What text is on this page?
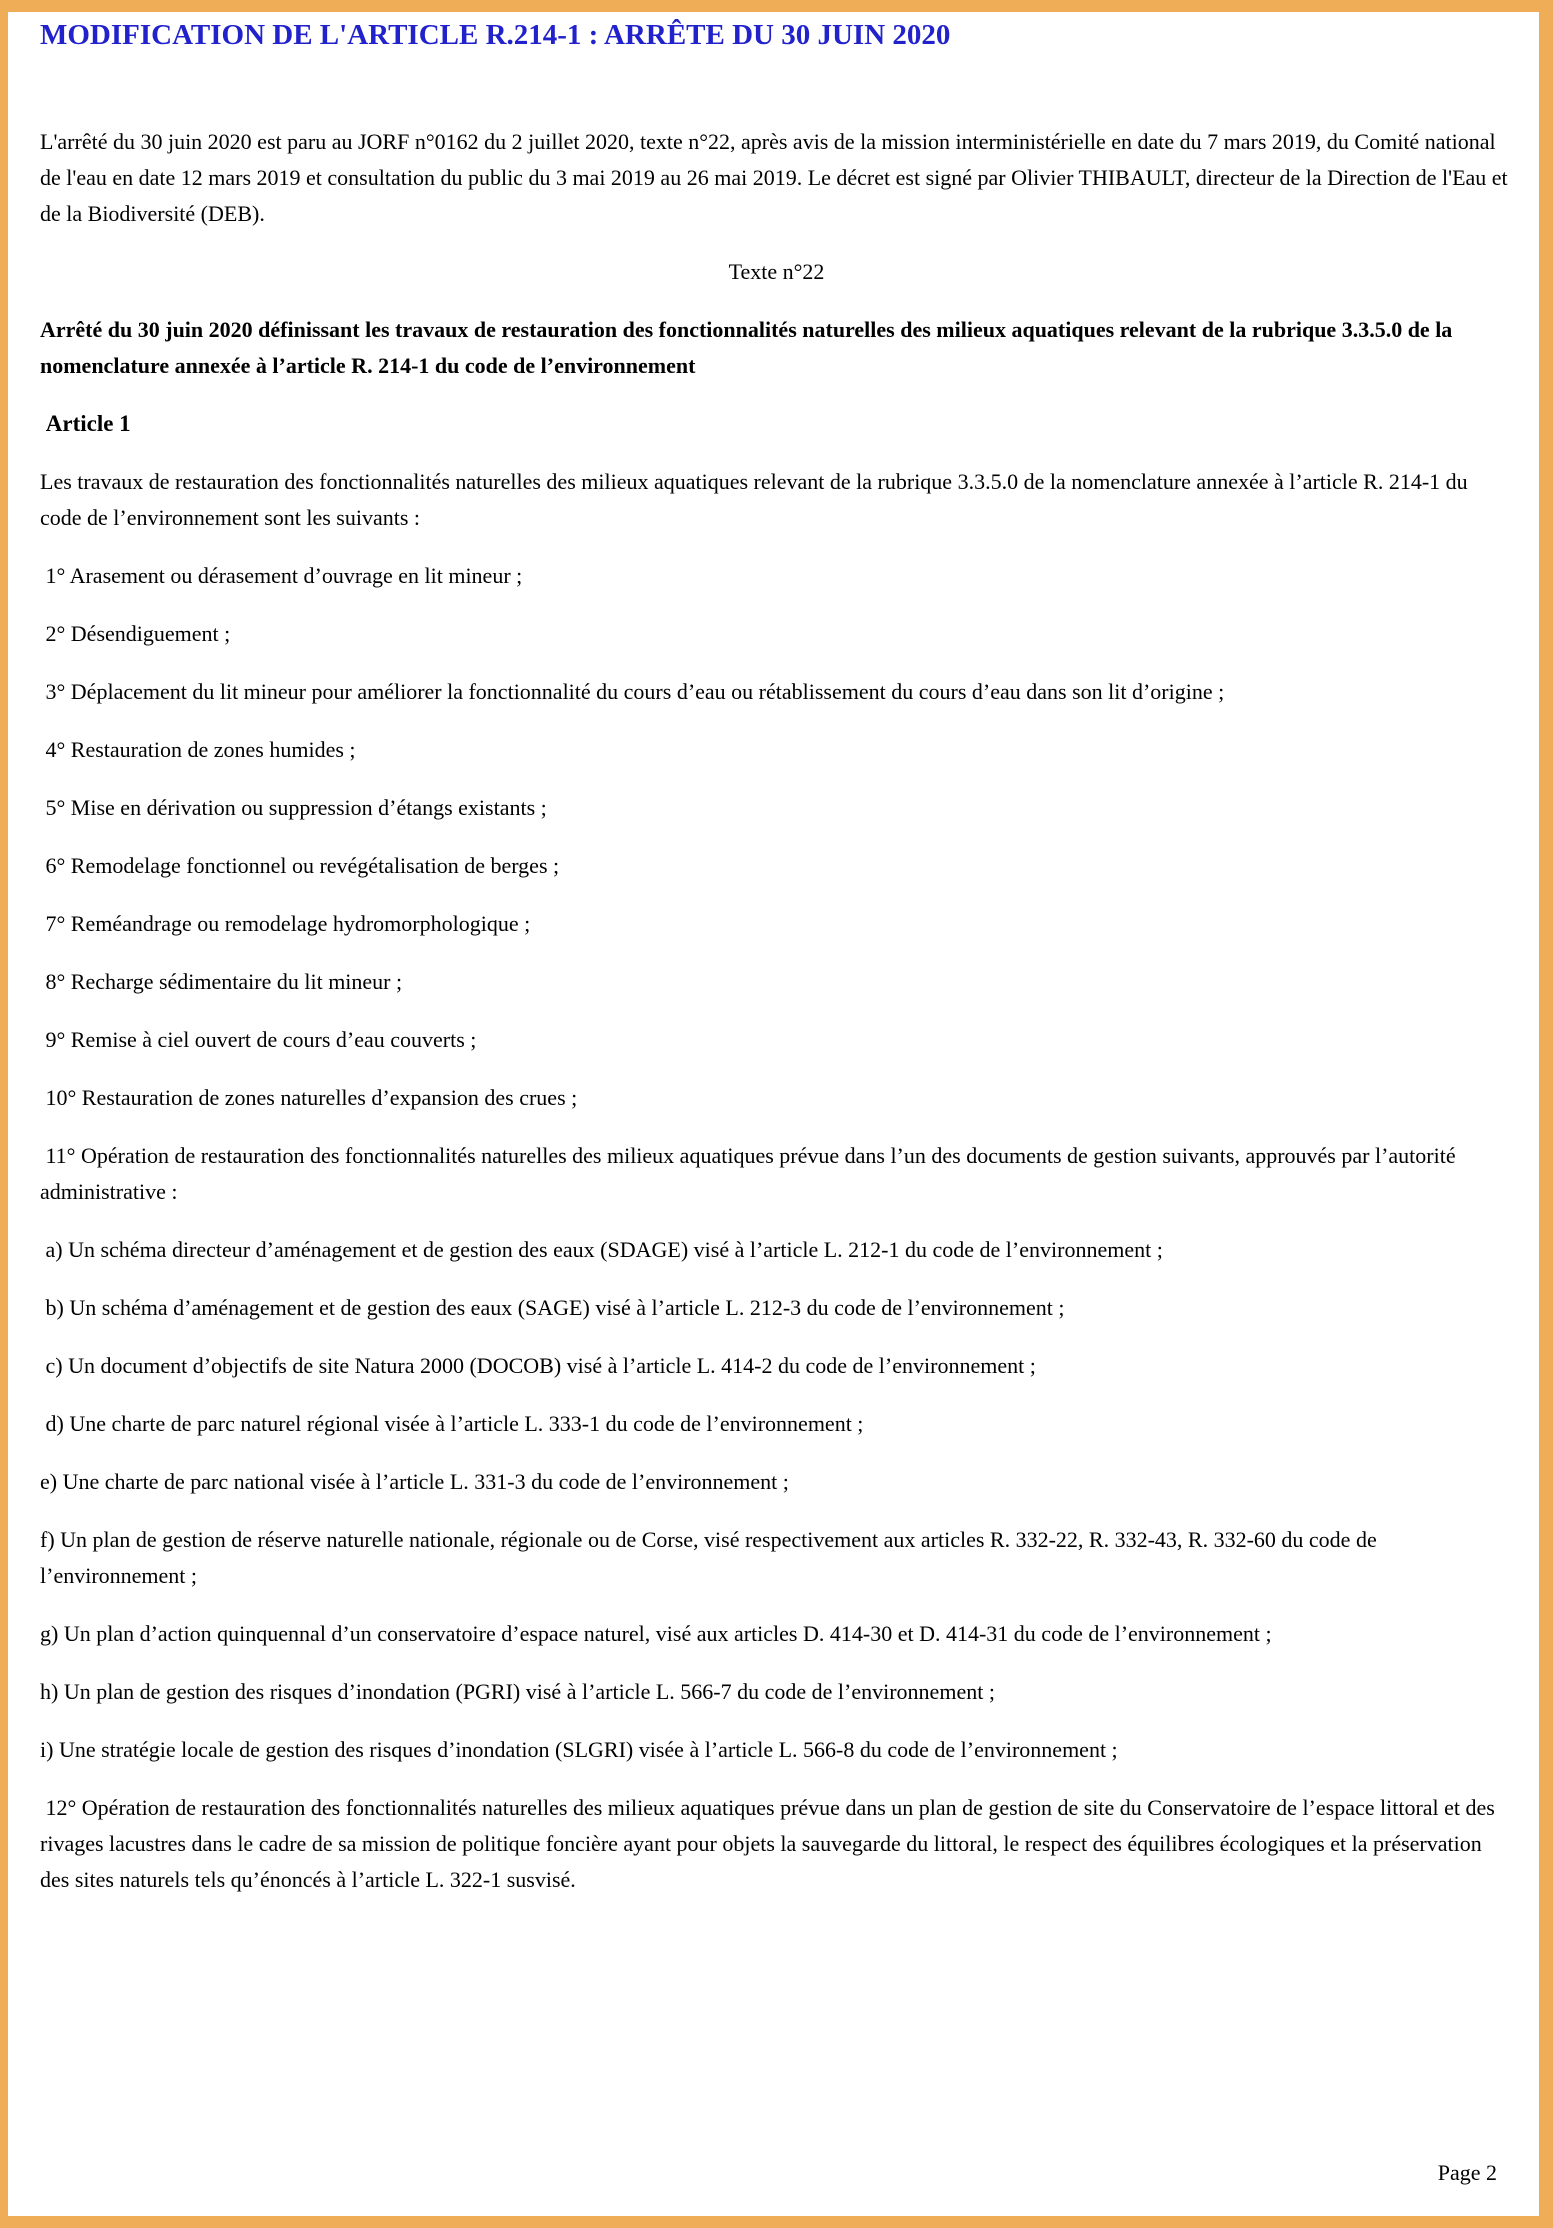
MODIFICATION DE L'ARTICLE R.214-1 : ARRÊTE DU 30 JUIN 2020

L'arrêté du 30 juin 2020 est paru au JORF n°0162 du 2 juillet 2020, texte n°22, après avis de la mission interministérielle en date du 7 mars 2019, du Comité national de l'eau en date 12 mars 2019 et consultation du public du 3 mai 2019 au 26 mai 2019. Le décret est signé par Olivier THIBAULT, directeur de la Direction de l'Eau et de la Biodiversité (DEB).

Texte n°22

Arrêté du 30 juin 2020 définissant les travaux de restauration des fonctionnalités naturelles des milieux aquatiques relevant de la rubrique 3.3.5.0 de la nomenclature annexée à l’article R. 214-1 du code de l’environnement

Article 1

Les travaux de restauration des fonctionnalités naturelles des milieux aquatiques relevant de la rubrique 3.3.5.0 de la nomenclature annexée à l’article R. 214-1 du code de l’environnement sont les suivants :

1° Arasement ou dérasement d’ouvrage en lit mineur ;

2° Désendiguement ;

3° Déplacement du lit mineur pour améliorer la fonctionnalité du cours d’eau ou rétablissement du cours d’eau dans son lit d’origine ;

4° Restauration de zones humides ;

5° Mise en dérivation ou suppression d’étangs existants ;

6° Remodelage fonctionnel ou revégétalisation de berges ;

7° Reméandrage ou remodelage hydromorphologique ;

8° Recharge sédimentaire du lit mineur ;

9° Remise à ciel ouvert de cours d’eau couverts ;

10° Restauration de zones naturelles d’expansion des crues ;

11° Opération de restauration des fonctionnalités naturelles des milieux aquatiques prévue dans l’un des documents de gestion suivants, approuvés par l’autorité administrative :

a) Un schéma directeur d’aménagement et de gestion des eaux (SDAGE) visé à l’article L. 212-1 du code de l’environnement ;

b) Un schéma d’aménagement et de gestion des eaux (SAGE) visé à l’article L. 212-3 du code de l’environnement ;

c) Un document d’objectifs de site Natura 2000 (DOCOB) visé à l’article L. 414-2 du code de l’environnement ;

d) Une charte de parc naturel régional visée à l’article L. 333-1 du code de l’environnement ;

e) Une charte de parc national visée à l’article L. 331-3 du code de l’environnement ;

f) Un plan de gestion de réserve naturelle nationale, régionale ou de Corse, visé respectivement aux articles R. 332-22, R. 332-43, R. 332-60 du code de l’environnement ;

g) Un plan d’action quinquennal d’un conservatoire d’espace naturel, visé aux articles D. 414-30 et D. 414-31 du code de l’environnement ;

h) Un plan de gestion des risques d’inondation (PGRI) visé à l’article L. 566-7 du code de l’environnement ;

i) Une stratégie locale de gestion des risques d’inondation (SLGRI) visée à l’article L. 566-8 du code de l’environnement ;

12° Opération de restauration des fonctionnalités naturelles des milieux aquatiques prévue dans un plan de gestion de site du Conservatoire de l’espace littoral et des rivages lacustres dans le cadre de sa mission de politique foncière ayant pour objets la sauvegarde du littoral, le respect des équilibres écologiques et la préservation des sites naturels tels qu’énoncés à l’article L. 322-1 susvisé.

Page 2
